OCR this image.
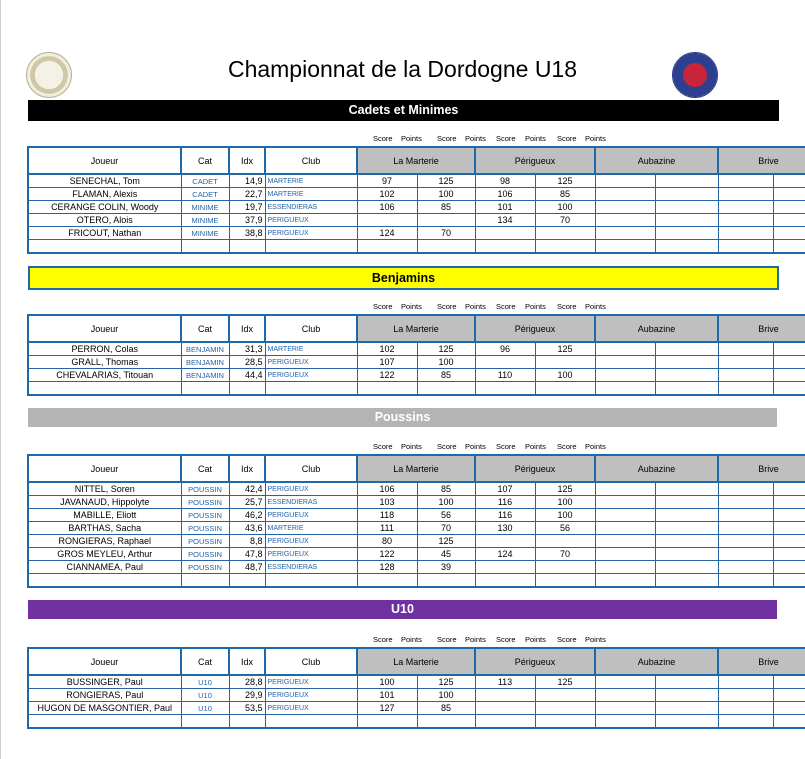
Championnat de la Dordogne U18
Cadets et Minimes
Benjamins
Poussins
U10
Score Points Score Points Score Points Score Points
Joueur	Cat	Idx	Club	La Marterie		Périgueux		Aubazine		Brive		

SENECHAL, Tom	CADET	14,9	MARTERIE	97	125	98	125							
FLAMAN, Alexis	CADET	22,7	MARTERIE	102	100	106	85							
CERANGE COLIN, Woody	MINIME	19,7	ESSENDIERAS	106	85	101	100							
OTERO, Alois	MINIME	37,9	PERIGUEUX			134	70							
FRICOUT, Nathan	MINIME	38,8	PERIGUEUX	124	70									

Score Points Score Points Score Points Score Points
Joueur	Cat	Idx	Club	La Marterie		Périgueux		Aubazine		Brive		

PERRON, Colas	BENJAMIN	31,3	MARTERIE	102	125	96	125							
GRALL, Thomas	BENJAMIN	28,5	PERIGUEUX	107	100									
CHEVALARIAS, Titouan	BENJAMIN	44,4	PERIGUEUX	122	85	110	100							

Score Points Score Points Score Points Score Points
Joueur	Cat	Idx	Club	La Marterie		Périgueux		Aubazine		Brive		

NITTEL, Soren	POUSSIN	42,4	PERIGUEUX	106	85	107	125							
JAVANAUD, Hippolyte	POUSSIN	25,7	ESSENDIERAS	103	100	116	100							
MABILLE, Eliott	POUSSIN	46,2	PERIGUEUX	118	56	116	100							
BARTHAS, Sacha	POUSSIN	43,6	MARTERIE	111	70	130	56							
RONGIERAS, Raphael	POUSSIN	8,8	PERIGUEUX	80	125									
GROS MEYLEU, Arthur	POUSSIN	47,8	PERIGUEUX	122	45	124	70							
CIANNAMEA, Paul	POUSSIN	48,7	ESSENDIERAS	128	39									

Score Points Score Points Score Points Score Points
Joueur	Cat	Idx	Club	La Marterie		Périgueux		Aubazine		Brive		

BUSSINGER, Paul	U10	28,8	PERIGUEUX	100	125	113	125							
RONGIERAS, Paul	U10	29,9	PERIGUEUX	101	100									
HUGON DE MASGONTIER, Paul	U10	53,5	PERIGUEUX	127	85									
